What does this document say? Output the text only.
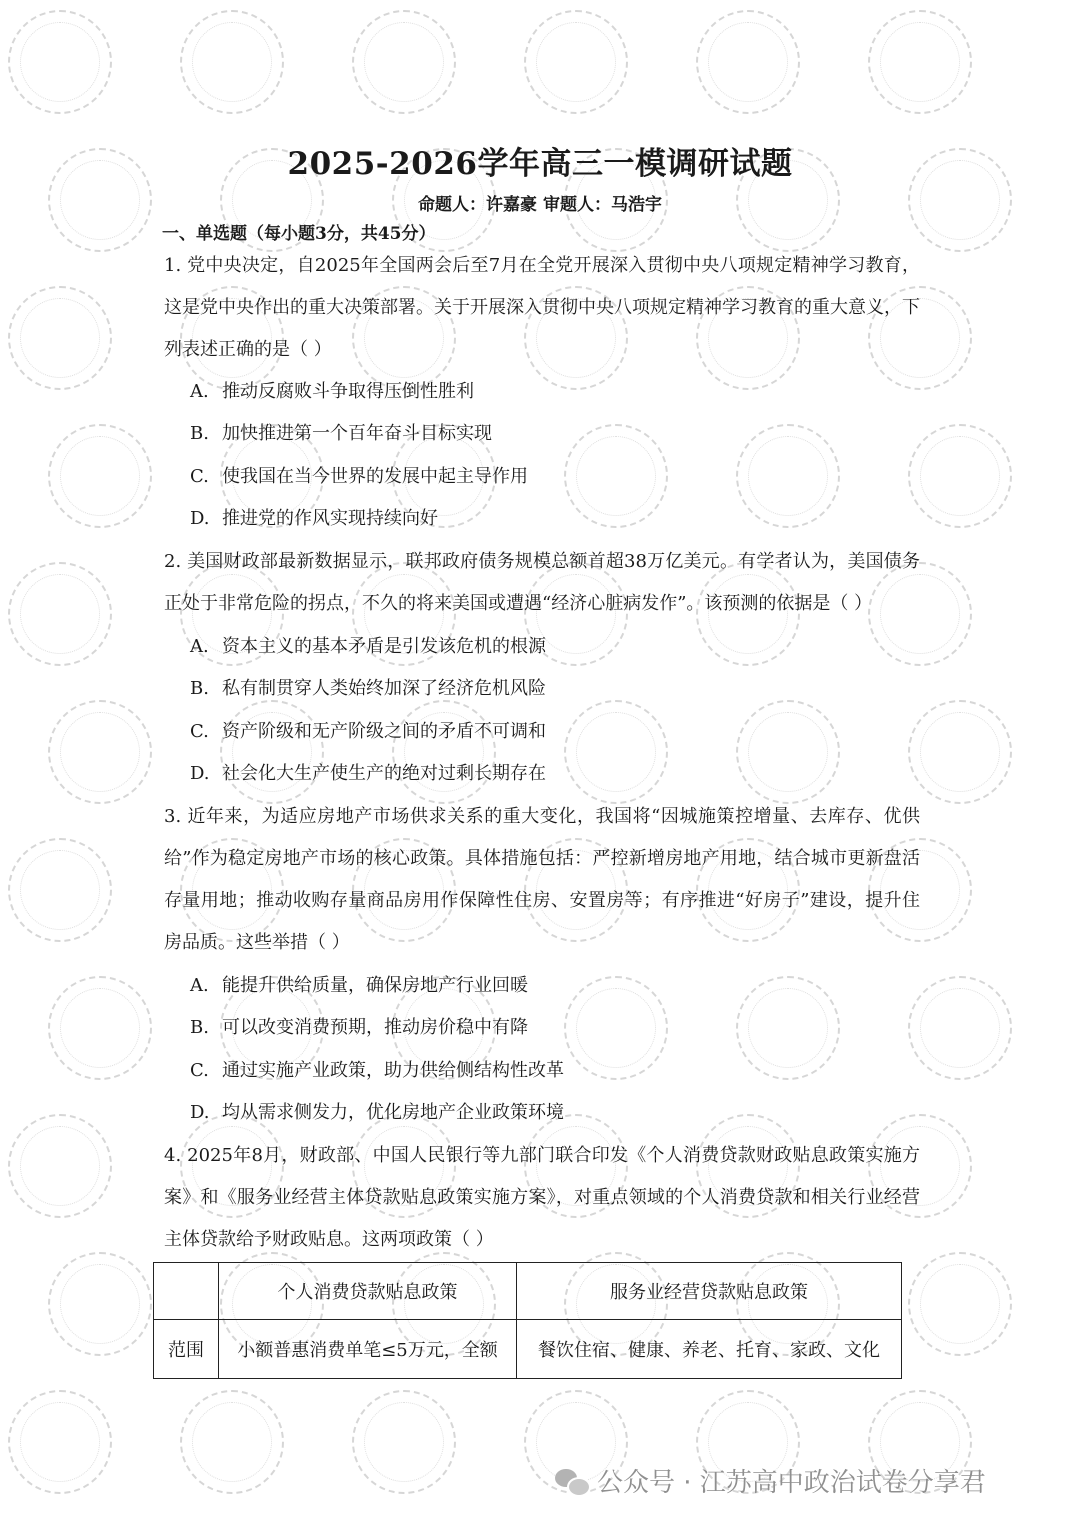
2025-2026学年高三一模调研试题
命题人：许嘉豪 审题人：马浩宇
一、单选题（每小题3分，共45分）
1. 党中央决定，自2025年全国两会后至7月在全党开展深入贯彻中央八项规定精神学习教育，这是党中央作出的重大决策部署。关于开展深入贯彻中央八项规定精神学习教育的重大意义，下列表述正确的是（ ）
A. 推动反腐败斗争取得压倒性胜利
B. 加快推进第一个百年奋斗目标实现
C. 使我国在当今世界的发展中起主导作用
D. 推进党的作风实现持续向好
2. 美国财政部最新数据显示，联邦政府债务规模总额首超38万亿美元。有学者认为，美国债务正处于非常危险的拐点，不久的将来美国或遭遇“经济心脏病发作”。该预测的依据是（ ）
A. 资本主义的基本矛盾是引发该危机的根源
B. 私有制贯穿人类始终加深了经济危机风险
C. 资产阶级和无产阶级之间的矛盾不可调和
D. 社会化大生产使生产的绝对过剩长期存在
3. 近年来，为适应房地产市场供求关系的重大变化，我国将“因城施策控增量、去库存、优供给”作为稳定房地产市场的核心政策。具体措施包括：严控新增房地产用地，结合城市更新盘活存量用地；推动收购存量商品房用作保障性住房、安置房等；有序推进“好房子”建设，提升住房品质。这些举措（ ）
A. 能提升供给质量，确保房地产行业回暖
B. 可以改变消费预期，推动房价稳中有降
C. 通过实施产业政策，助力供给侧结构性改革
D. 均从需求侧发力，优化房地产企业政策环境
4. 2025年8月，财政部、中国人民银行等九部门联合印发《个人消费贷款财政贴息政策实施方案》和《服务业经营主体贷款贴息政策实施方案》，对重点领域的个人消费贷款和相关行业经营主体贷款给予财政贴息。这两项政策（ ）
	个人消费贷款贴息政策	服务业经营贷款贴息政策
范围	小额普惠消费单笔≤5万元，全额	餐饮住宿、健康、养老、托育、家政、文化
公众号 · 江苏高中政治试卷分享君
